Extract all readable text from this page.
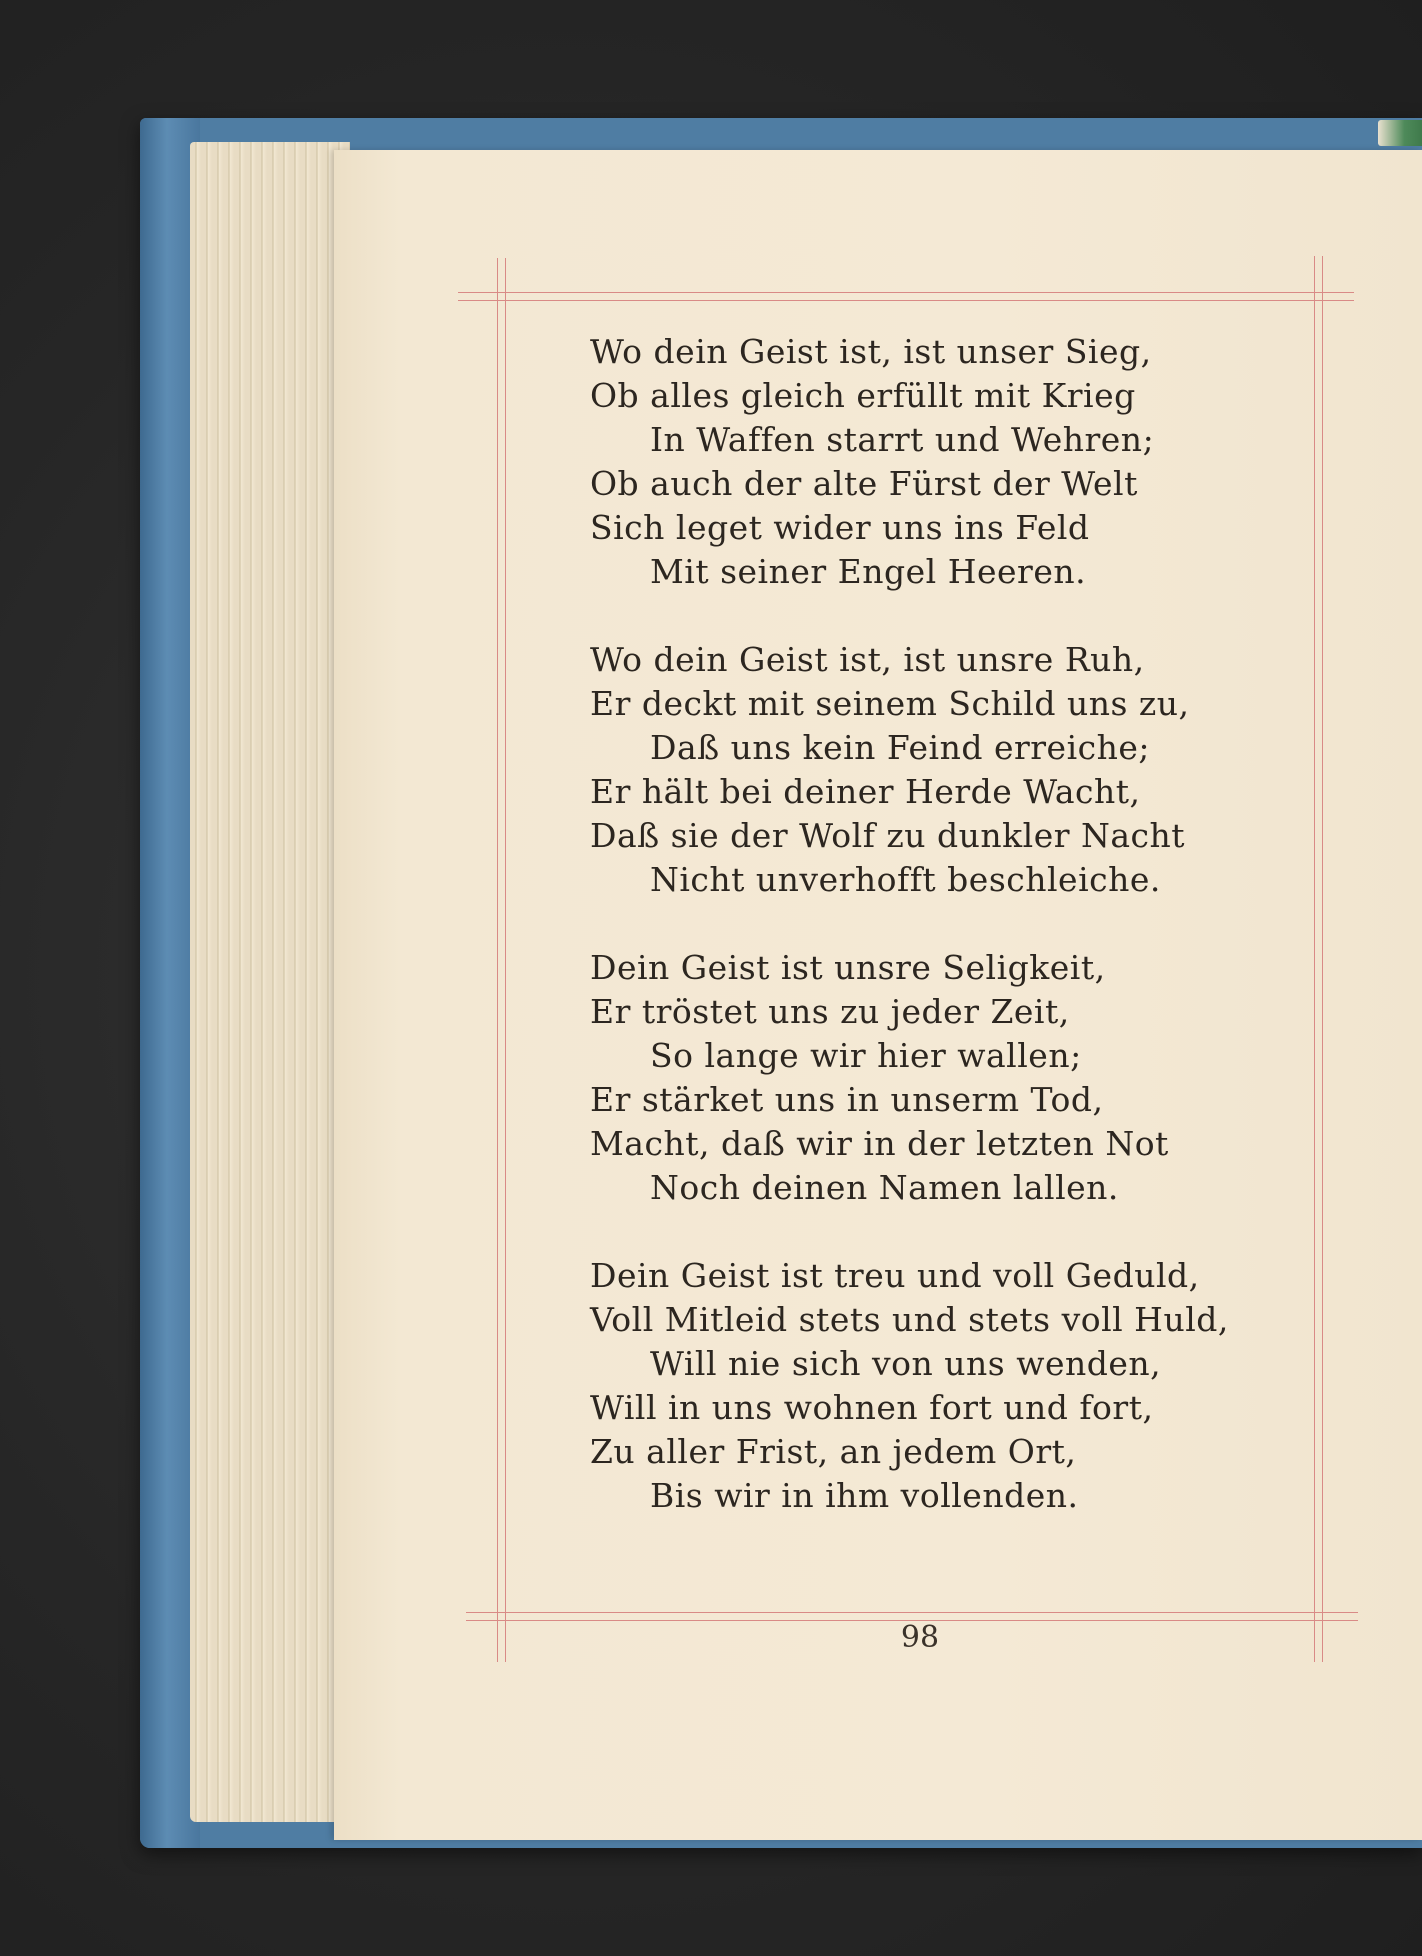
Wo dein Geist ist, ist unser Sieg,
Ob alles gleich erfüllt mit Krieg
In Waffen starrt und Wehren;
Ob auch der alte Fürst der Welt
Sich leget wider uns ins Feld
Mit seiner Engel Heeren.
Wo dein Geist ist, ist unsre Ruh,
Er deckt mit seinem Schild uns zu,
Daß uns kein Feind erreiche;
Er hält bei deiner Herde Wacht,
Daß sie der Wolf zu dunkler Nacht
Nicht unverhofft beschleiche.
Dein Geist ist unsre Seligkeit,
Er tröstet uns zu jeder Zeit,
So lange wir hier wallen;
Er stärket uns in unserm Tod,
Macht, daß wir in der letzten Not
Noch deinen Namen lallen.
Dein Geist ist treu und voll Geduld,
Voll Mitleid stets und stets voll Huld,
Will nie sich von uns wenden,
Will in uns wohnen fort und fort,
Zu aller Frist, an jedem Ort,
Bis wir in ihm vollenden.
98
